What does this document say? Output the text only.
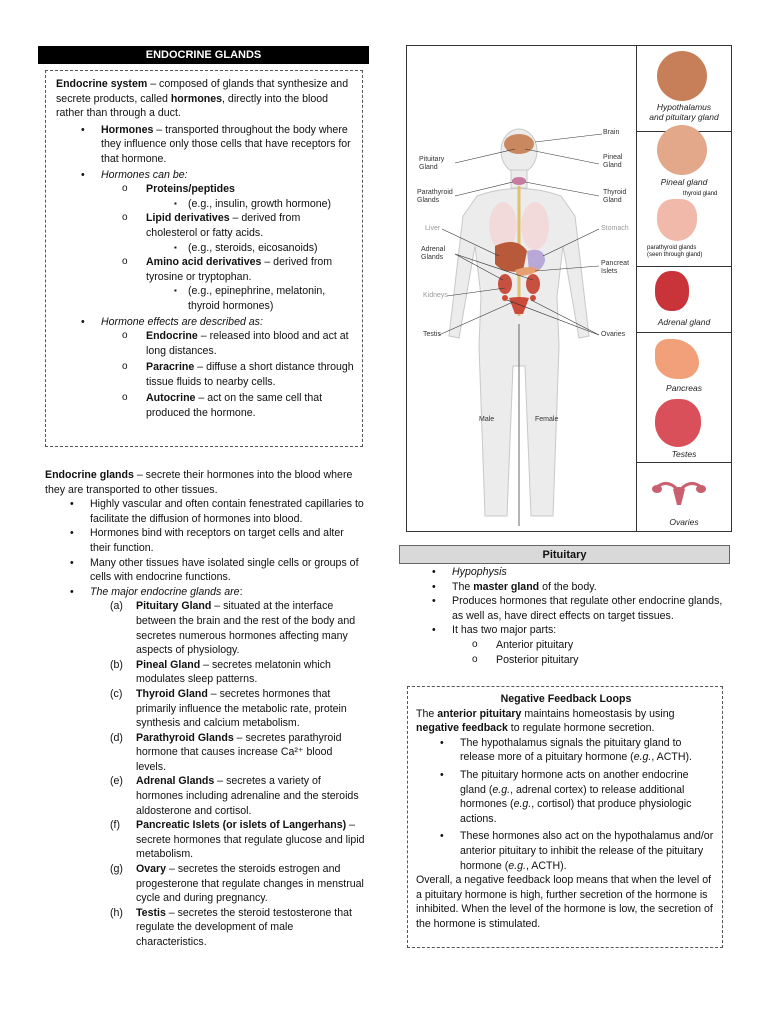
ENDOCRINE GLANDS

Endocrine system – composed of glands that synthesize and secrete products, called hormones, directly into the blood rather than through a duct.

• Hormones – transported throughout the body where they influence only those cells that have receptors for that hormone.
• Hormones can be:
o Proteins/peptides
▪ (e.g., insulin, growth hormone)
o Lipid derivatives – derived from cholesterol or fatty acids.
▪ (e.g., steroids, eicosanoids)
o Amino acid derivatives – derived from tyrosine or tryptophan.
▪ (e.g., epinephrine, melatonin, thyroid hormones)
• Hormone effects are described as:
o Endocrine – released into blood and act at long distances.
o Paracrine – diffuse a short distance through tissue fluids to nearby cells.
o Autocrine – act on the same cell that produced the hormone.

Endocrine glands – secrete their hormones into the blood where they are transported to other tissues.

• Highly vascular and often contain fenestrated capillaries to facilitate the diffusion of hormones into blood.
• Hormones bind with receptors on target cells and alter their function.
• Many other tissues have isolated single cells or groups of cells with endocrine functions.
• The major endocrine glands are:
(a) Pituitary Gland – situated at the interface between the brain and the rest of the body and secretes numerous hormones affecting many aspects of physiology.
(b) Pineal Gland – secretes melatonin which modulates sleep patterns.
(c) Thyroid Gland – secretes hormones that primarily influence the metabolic rate, protein synthesis and calcium metabolism.
(d) Parathyroid Glands – secretes parathyroid hormone that causes increase Ca²⁺ blood levels.
(e) Adrenal Glands – secretes a variety of hormones including adrenaline and the steroids aldosterone and cortisol.
(f) Pancreatic Islets (or islets of Langerhans) – secrete hormones that regulate glucose and lipid metabolism.
(g) Ovary – secretes the steroids estrogen and progesterone that regulate changes in menstrual cycle and during pregnancy.
(h) Testis – secretes the steroid testosterone that regulate the development of male characteristics.
Brain
Pituitary Gland
Pineal Gland
Parathyroid Glands
Thyroid Gland
Liver	Stomach
Adrenal Glands
Pancreat Islets
Kidneys
Testis	Ovaries
Male	Female
Hypothalamus and pituitary gland
Pineal gland
thyroid gland
parathyroid glands (seen through gland)
Adrenal gland
Pancreas
Testes
Ovaries
Pituitary
• Hypophysis
• The master gland of the body.
• Produces hormones that regulate other endocrine glands, as well as, have direct effects on target tissues.
• It has two major parts:
o Anterior pituitary
o Posterior pituitary

Negative Feedback Loops

The anterior pituitary maintains homeostasis by using negative feedback to regulate hormone secretion.

• The hypothalamus signals the pituitary gland to release more of a pituitary hormone (e.g., ACTH).
• The pituitary hormone acts on another endocrine gland (e.g., adrenal cortex) to release additional hormones (e.g., cortisol) that produce physiologic actions.
• These hormones also act on the hypothalamus and/or anterior pituitary to inhibit the release of the pituitary hormone (e.g., ACTH).

Overall, a negative feedback loop means that when the level of a pituitary hormone is high, further secretion of the hormone is inhibited. When the level of the hormone is low, the secretion of the hormone is stimulated.
